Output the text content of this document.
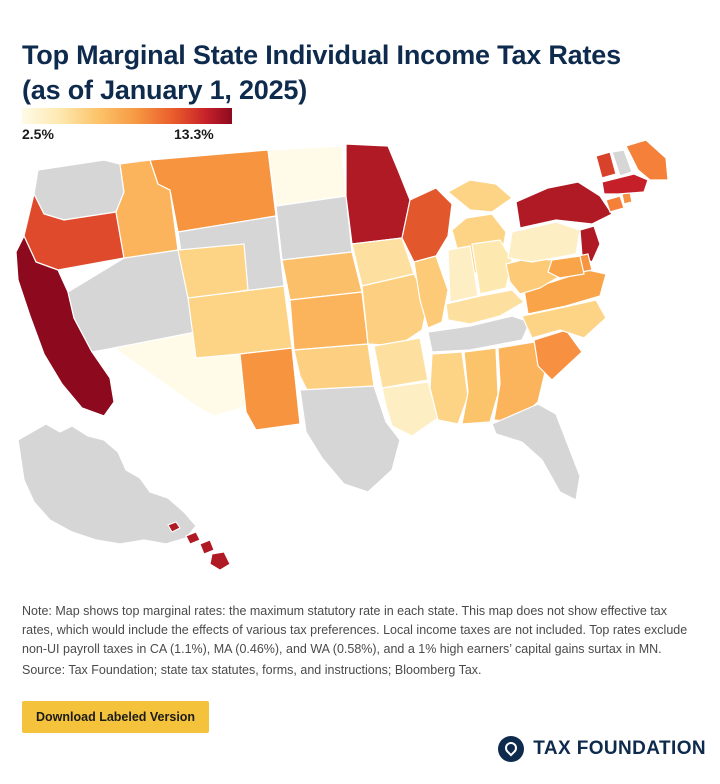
Top Marginal State Individual Income Tax Rates (as of January 1, 2025)
2.5%	13.3%
Note: Map shows top marginal rates: the maximum statutory rate in each state. This map does not show effective tax rates, which would include the effects of various tax preferences. Local income taxes are not included. Top rates exclude non-UI payroll taxes in CA (1.1%), MA (0.46%), and WA (0.58%), and a 1% high earners’ capital gains surtax in MN.
Source: Tax Foundation; state tax statutes, forms, and instructions; Bloomberg Tax.
Download Labeled Version
TAX FOUNDATION
